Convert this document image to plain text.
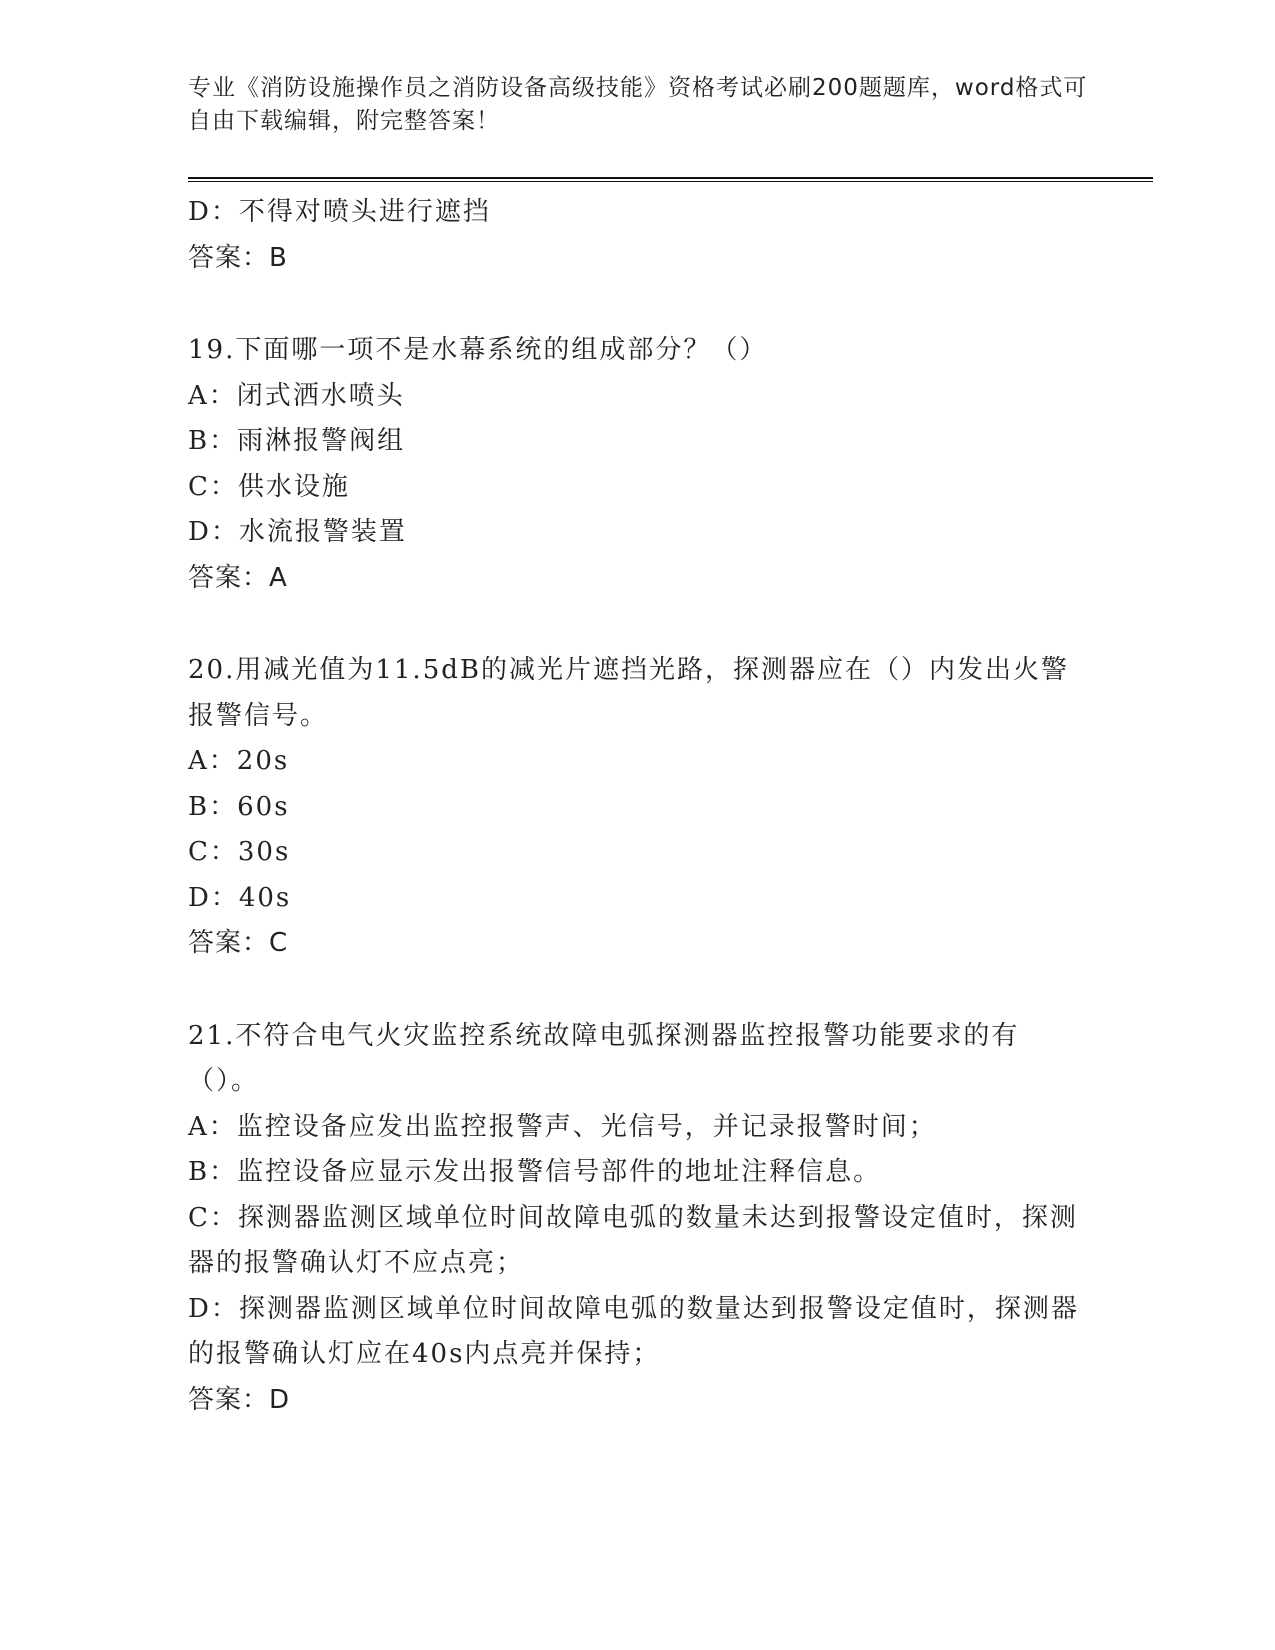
专业《消防设施操作员之消防设备高级技能》资格考试必刷200题题库，word格式可自由下载编辑，附完整答案！

D：不得对喷头进行遮挡

答案：B

19.下面哪一项不是水幕系统的组成部分？（）

A：闭式洒水喷头

B：雨淋报警阀组

C：供水设施

D：水流报警装置

答案：A

20.用减光值为11.5dB的减光片遮挡光路，探测器应在（）内发出火警报警信号。

A：20s

B：60s

C：30s

D：40s

答案：C

21.不符合电气火灾监控系统故障电弧探测器监控报警功能要求的有（）。

A：监控设备应发出监控报警声、光信号，并记录报警时间；

B：监控设备应显示发出报警信号部件的地址注释信息。

C：探测器监测区域单位时间故障电弧的数量未达到报警设定值时，探测器的报警确认灯不应点亮；

D：探测器监测区域单位时间故障电弧的数量达到报警设定值时，探测器的报警确认灯应在40s内点亮并保持；

答案：D
